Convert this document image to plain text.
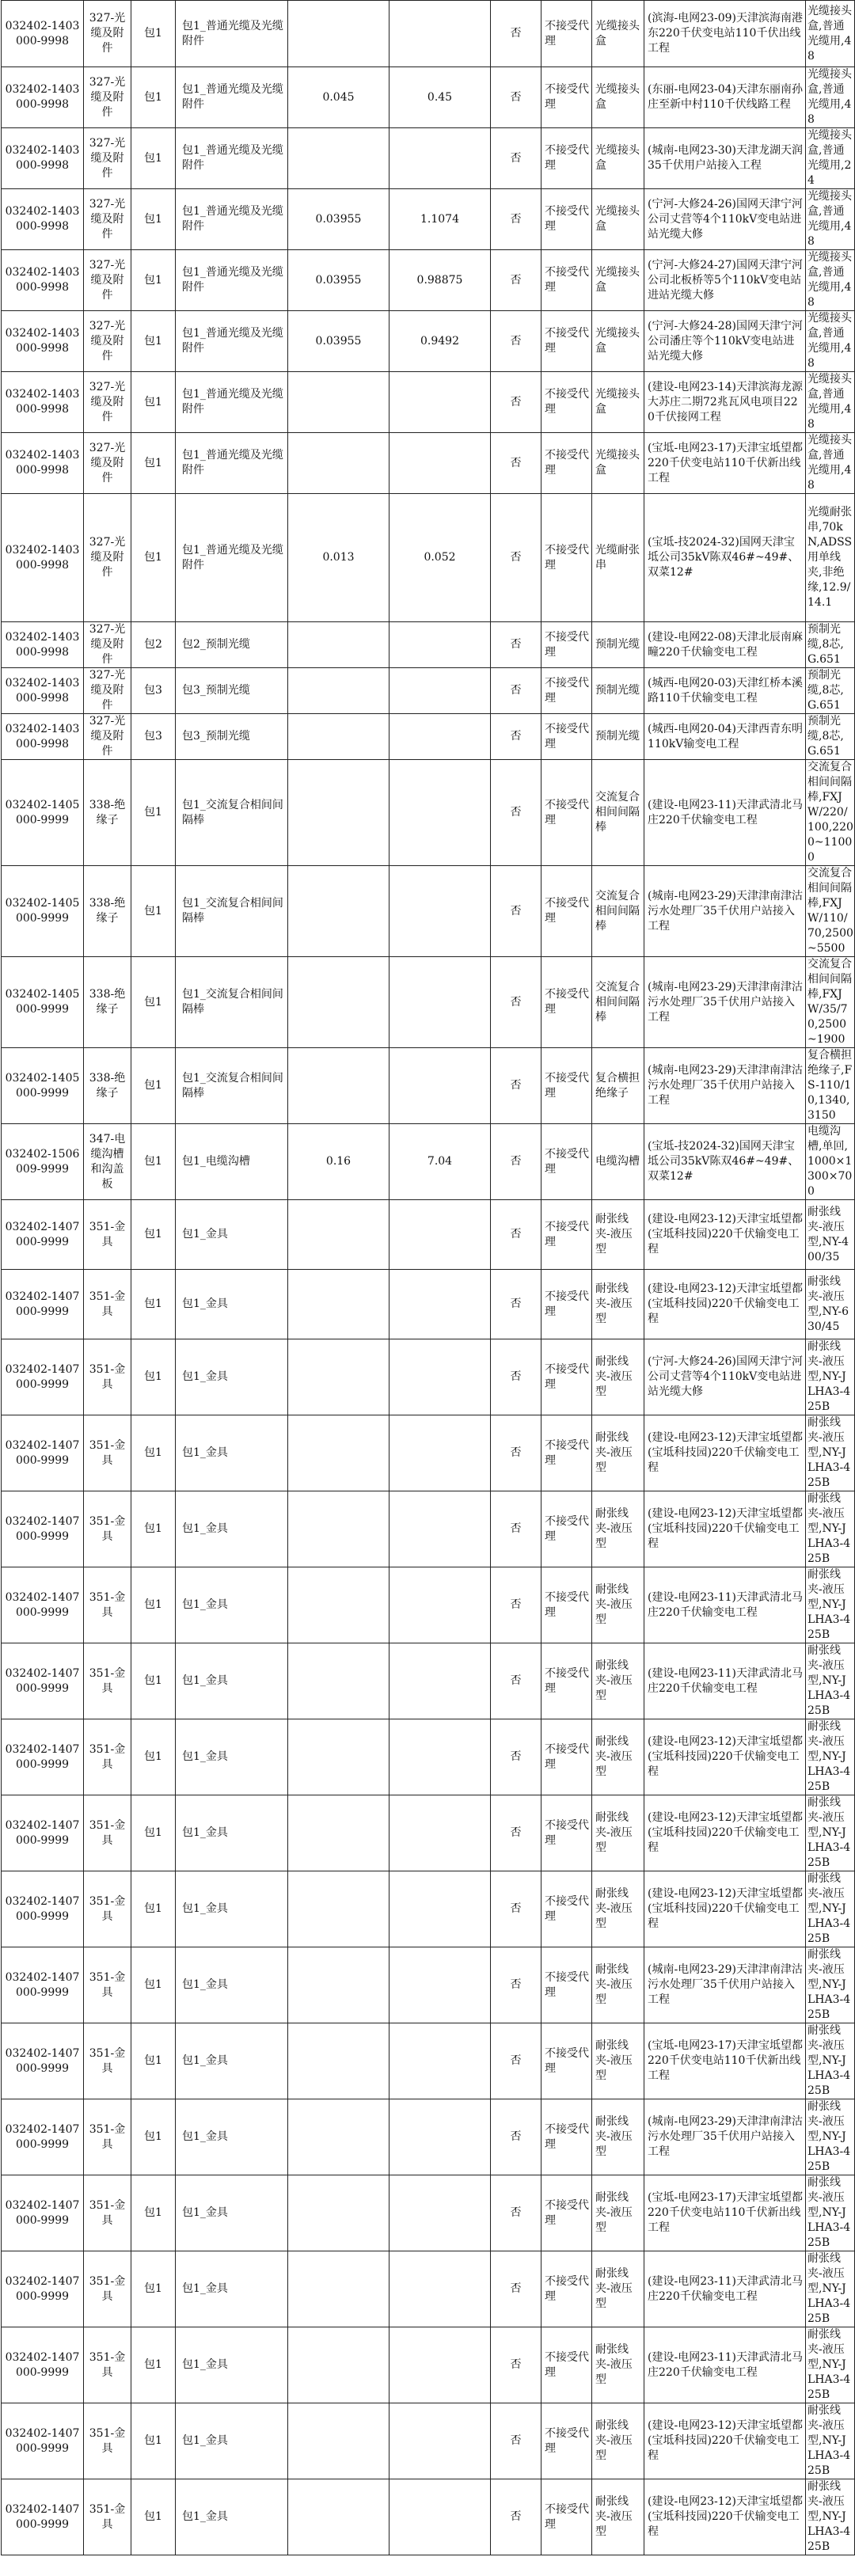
032402-1403000-9998	327-光缆及附件	包1	包1_普通光缆及光缆附件			否	不接受代理	光缆接头盒	(滨海-电网23-09)天津滨海南港东220千伏变电站110千伏出线工程	光缆接头盒,普通光缆用,48
032402-1403000-9998	327-光缆及附件	包1	包1_普通光缆及光缆附件	0.045	0.45	否	不接受代理	光缆接头盒	(东丽-电网23-04)天津东丽南孙庄至新中村110千伏线路工程	光缆接头盒,普通光缆用,48
032402-1403000-9998	327-光缆及附件	包1	包1_普通光缆及光缆附件			否	不接受代理	光缆接头盒	(城南-电网23-30)天津龙湖天润35千伏用户站接入工程	光缆接头盒,普通光缆用,24
032402-1403000-9998	327-光缆及附件	包1	包1_普通光缆及光缆附件	0.03955	1.1074	否	不接受代理	光缆接头盒	(宁河-大修24-26)国网天津宁河公司丈营等4个110kV变电站进站光缆大修	光缆接头盒,普通光缆用,48
032402-1403000-9998	327-光缆及附件	包1	包1_普通光缆及光缆附件	0.03955	0.98875	否	不接受代理	光缆接头盒	(宁河-大修24-27)国网天津宁河公司北板桥等5个110kV变电站进站光缆大修	光缆接头盒,普通光缆用,48
032402-1403000-9998	327-光缆及附件	包1	包1_普通光缆及光缆附件	0.03955	0.9492	否	不接受代理	光缆接头盒	(宁河-大修24-28)国网天津宁河公司潘庄等个110kV变电站进站光缆大修	光缆接头盒,普通光缆用,48
032402-1403000-9998	327-光缆及附件	包1	包1_普通光缆及光缆附件			否	不接受代理	光缆接头盒	(建设-电网23-14)天津滨海龙源大苏庄二期72兆瓦风电项目220千伏接网工程	光缆接头盒,普通光缆用,48
032402-1403000-9998	327-光缆及附件	包1	包1_普通光缆及光缆附件			否	不接受代理	光缆接头盒	(宝坻-电网23-17)天津宝坻望都220千伏变电站110千伏新出线工程	光缆接头盒,普通光缆用,48
032402-1403000-9998	327-光缆及附件	包1	包1_普通光缆及光缆附件	0.013	0.052	否	不接受代理	光缆耐张串	(宝坻-技2024-32)国网天津宝坻公司35kV陈双46#~49#、双菜12#	光缆耐张串,70kN,ADSS用单线夹,非绝缘,12.9/14.1
032402-1403000-9998	327-光缆及附件	包2	包2_预制光缆			否	不接受代理	预制光缆	(建设-电网22-08)天津北辰南麻疃220千伏输变电工程	预制光缆,8芯,G.651
032402-1403000-9998	327-光缆及附件	包3	包3_预制光缆			否	不接受代理	预制光缆	(城西-电网20-03)天津红桥本溪路110千伏输变电工程	预制光缆,8芯,G.651
032402-1403000-9998	327-光缆及附件	包3	包3_预制光缆			否	不接受代理	预制光缆	(城西-电网20-04)天津西青东明110kV输变电工程	预制光缆,8芯,G.651
032402-1405000-9999	338-绝缘子	包1	包1_交流复合相间间隔棒			否	不接受代理	交流复合相间间隔棒	(建设-电网23-11)天津武清北马庄220千伏输变电工程	交流复合相间间隔棒,FXJW/220/100,2200~11000
032402-1405000-9999	338-绝缘子	包1	包1_交流复合相间间隔棒			否	不接受代理	交流复合相间间隔棒	(城南-电网23-29)天津津南津沽污水处理厂35千伏用户站接入工程	交流复合相间间隔棒,FXJW/110/70,2500~5500
032402-1405000-9999	338-绝缘子	包1	包1_交流复合相间间隔棒			否	不接受代理	交流复合相间间隔棒	(城南-电网23-29)天津津南津沽污水处理厂35千伏用户站接入工程	交流复合相间间隔棒,FXJW/35/70,2500~1900
032402-1405000-9999	338-绝缘子	包1	包1_交流复合相间间隔棒			否	不接受代理	复合横担绝缘子	(城南-电网23-29)天津津南津沽污水处理厂35千伏用户站接入工程	复合横担绝缘子,FS-110/10,1340,3150
032402-1506009-9999	347-电缆沟槽和沟盖板	包1	包1_电缆沟槽	0.16	7.04	否	不接受代理	电缆沟槽	(宝坻-技2024-32)国网天津宝坻公司35kV陈双46#~49#、双菜12#	电缆沟槽,单回,1000×1300×700
032402-1407000-9999	351-金具	包1	包1_金具			否	不接受代理	耐张线夹-液压型	(建设-电网23-12)天津宝坻望都(宝坻科技园)220千伏输变电工程	耐张线夹-液压型,NY-400/35
032402-1407000-9999	351-金具	包1	包1_金具			否	不接受代理	耐张线夹-液压型	(建设-电网23-12)天津宝坻望都(宝坻科技园)220千伏输变电工程	耐张线夹-液压型,NY-630/45
032402-1407000-9999	351-金具	包1	包1_金具			否	不接受代理	耐张线夹-液压型	(宁河-大修24-26)国网天津宁河公司丈营等4个110kV变电站进站光缆大修	耐张线夹-液压型,NY-JLHA3-425B
032402-1407000-9999	351-金具	包1	包1_金具			否	不接受代理	耐张线夹-液压型	(建设-电网23-12)天津宝坻望都(宝坻科技园)220千伏输变电工程	耐张线夹-液压型,NY-JLHA3-425B
032402-1407000-9999	351-金具	包1	包1_金具			否	不接受代理	耐张线夹-液压型	(建设-电网23-12)天津宝坻望都(宝坻科技园)220千伏输变电工程	耐张线夹-液压型,NY-JLHA3-425B
032402-1407000-9999	351-金具	包1	包1_金具			否	不接受代理	耐张线夹-液压型	(建设-电网23-11)天津武清北马庄220千伏输变电工程	耐张线夹-液压型,NY-JLHA3-425B
032402-1407000-9999	351-金具	包1	包1_金具			否	不接受代理	耐张线夹-液压型	(建设-电网23-11)天津武清北马庄220千伏输变电工程	耐张线夹-液压型,NY-JLHA3-425B
032402-1407000-9999	351-金具	包1	包1_金具			否	不接受代理	耐张线夹-液压型	(建设-电网23-12)天津宝坻望都(宝坻科技园)220千伏输变电工程	耐张线夹-液压型,NY-JLHA3-425B
032402-1407000-9999	351-金具	包1	包1_金具			否	不接受代理	耐张线夹-液压型	(建设-电网23-12)天津宝坻望都(宝坻科技园)220千伏输变电工程	耐张线夹-液压型,NY-JLHA3-425B
032402-1407000-9999	351-金具	包1	包1_金具			否	不接受代理	耐张线夹-液压型	(建设-电网23-12)天津宝坻望都(宝坻科技园)220千伏输变电工程	耐张线夹-液压型,NY-JLHA3-425B
032402-1407000-9999	351-金具	包1	包1_金具			否	不接受代理	耐张线夹-液压型	(城南-电网23-29)天津津南津沽污水处理厂35千伏用户站接入工程	耐张线夹-液压型,NY-JLHA3-425B
032402-1407000-9999	351-金具	包1	包1_金具			否	不接受代理	耐张线夹-液压型	(宝坻-电网23-17)天津宝坻望都220千伏变电站110千伏新出线工程	耐张线夹-液压型,NY-JLHA3-425B
032402-1407000-9999	351-金具	包1	包1_金具			否	不接受代理	耐张线夹-液压型	(城南-电网23-29)天津津南津沽污水处理厂35千伏用户站接入工程	耐张线夹-液压型,NY-JLHA3-425B
032402-1407000-9999	351-金具	包1	包1_金具			否	不接受代理	耐张线夹-液压型	(宝坻-电网23-17)天津宝坻望都220千伏变电站110千伏新出线工程	耐张线夹-液压型,NY-JLHA3-425B
032402-1407000-9999	351-金具	包1	包1_金具			否	不接受代理	耐张线夹-液压型	(建设-电网23-11)天津武清北马庄220千伏输变电工程	耐张线夹-液压型,NY-JLHA3-425B
032402-1407000-9999	351-金具	包1	包1_金具			否	不接受代理	耐张线夹-液压型	(建设-电网23-11)天津武清北马庄220千伏输变电工程	耐张线夹-液压型,NY-JLHA3-425B
032402-1407000-9999	351-金具	包1	包1_金具			否	不接受代理	耐张线夹-液压型	(建设-电网23-12)天津宝坻望都(宝坻科技园)220千伏输变电工程	耐张线夹-液压型,NY-JLHA3-425B
032402-1407000-9999	351-金具	包1	包1_金具			否	不接受代理	耐张线夹-液压型	(建设-电网23-12)天津宝坻望都(宝坻科技园)220千伏输变电工程	耐张线夹-液压型,NY-JLHA3-425B
